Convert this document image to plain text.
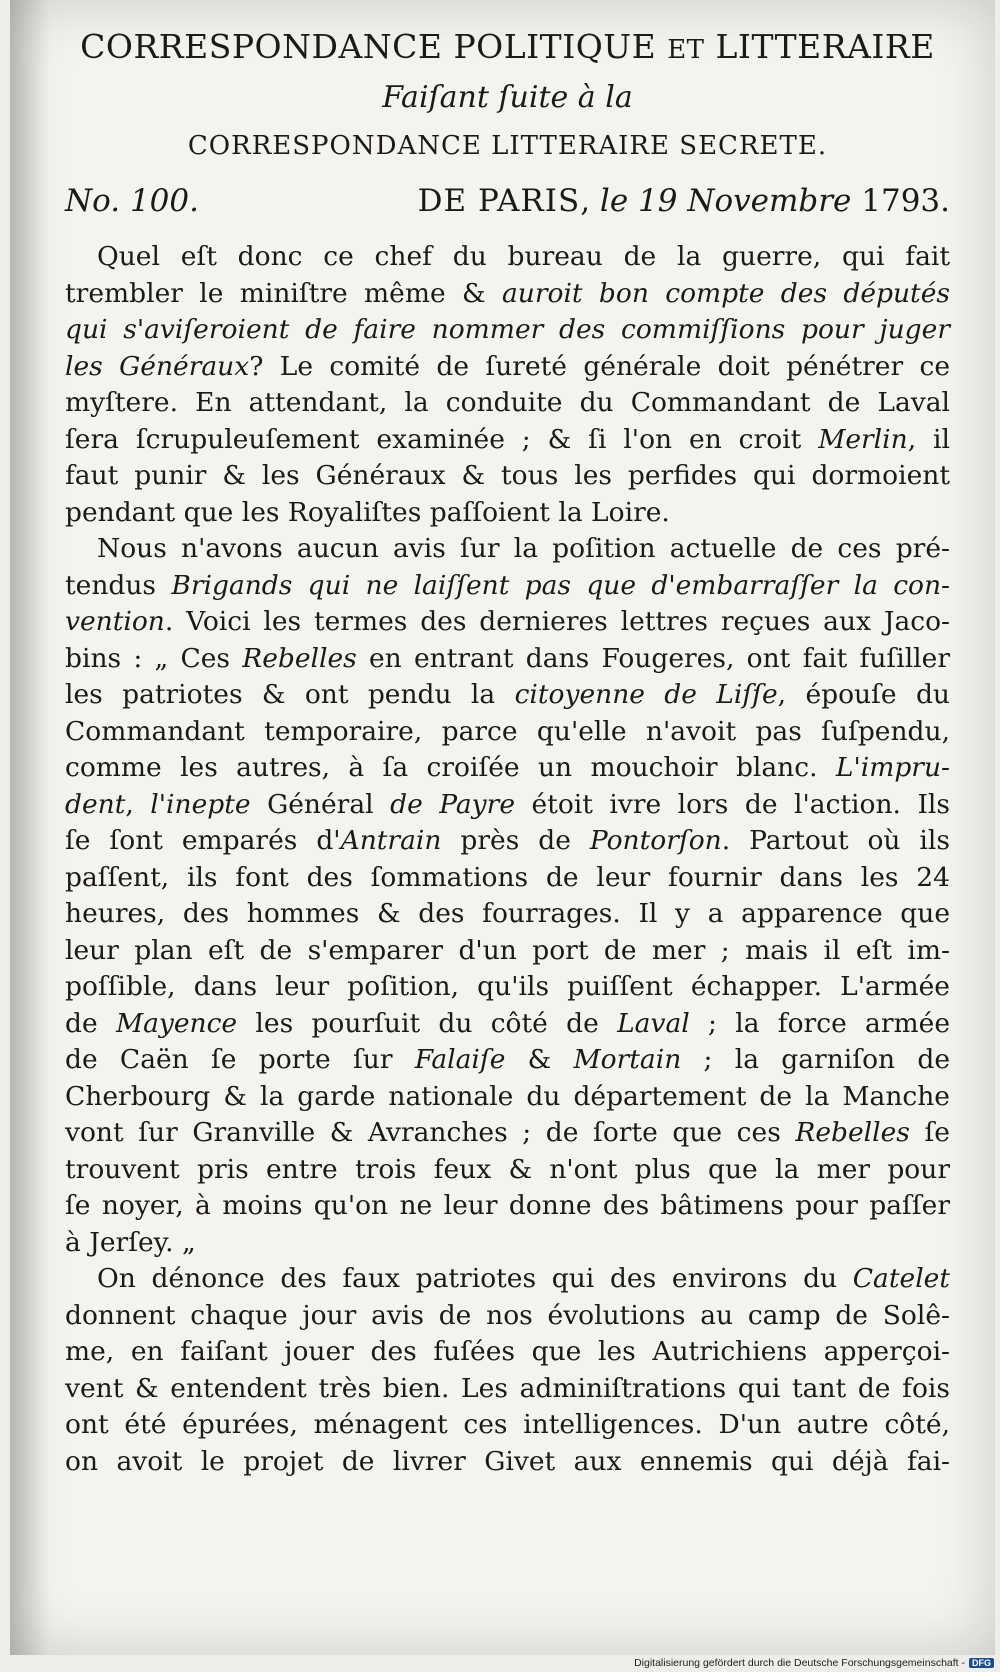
CORRESPONDANCE POLITIQUE ET LITTERAIRE

Faiſant ſuite à la

CORRESPONDANCE LITTERAIRE SECRETE.

No. 100.	DE PARIS, le 19 Novembre 1793.
Quel eſt donc ce chef du bureau de la guerre, qui fait
trembler le miniſtre même & auroit bon compte des députés
qui s'aviſeroient de faire nommer des commiſſions pour juger
les Généraux? Le comité de ſureté générale doit pénétrer ce
myſtere. En attendant, la conduite du Commandant de Laval
ſera ſcrupuleuſement examinée ; & ſi l'on en croit Merlin, il
faut punir & les Généraux & tous les perfides qui dormoient
pendant que les Royaliſtes paſſoient la Loire.
Nous n'avons aucun avis ſur la poſition actuelle de ces pré-
tendus Brigands qui ne laiſſent pas que d'embarraſſer la con-
vention. Voici les termes des dernieres lettres reçues aux Jaco-
bins : „ Ces Rebelles en entrant dans Fougeres, ont fait fuſiller
les patriotes & ont pendu la citoyenne de Liſſe, épouſe du
Commandant temporaire, parce qu'elle n'avoit pas ſuſpendu,
comme les autres, à ſa croiſée un mouchoir blanc. L'impru-
dent, l'inepte Général de Payre étoit ivre lors de l'action. Ils
ſe ſont emparés d'Antrain près de Pontorſon. Partout où ils
paſſent, ils font des ſommations de leur fournir dans les 24
heures, des hommes & des fourrages. Il y a apparence que
leur plan eſt de s'emparer d'un port de mer ; mais il eſt im-
poſſible, dans leur poſition, qu'ils puiſſent échapper. L'armée
de Mayence les pourſuit du côté de Laval ; la force armée
de Caën ſe porte ſur Falaiſe & Mortain ; la garniſon de
Cherbourg & la garde nationale du département de la Manche
vont ſur Granville & Avranches ; de ſorte que ces Rebelles ſe
trouvent pris entre trois feux & n'ont plus que la mer pour
ſe noyer, à moins qu'on ne leur donne des bâtimens pour paſſer
à Jerſey. „
On dénonce des faux patriotes qui des environs du Catelet
donnent chaque jour avis de nos évolutions au camp de Solê-
me, en faiſant jouer des fuſées que les Autrichiens apperçoi-
vent & entendent très bien. Les adminiſtrations qui tant de fois
ont été épurées, ménagent ces intelligences. D'un autre côté,
on avoit le projet de livrer Givet aux ennemis qui déjà fai-
Digitalisierung gefördert durch die Deutsche Forschungsgemeinschaft - DFG
